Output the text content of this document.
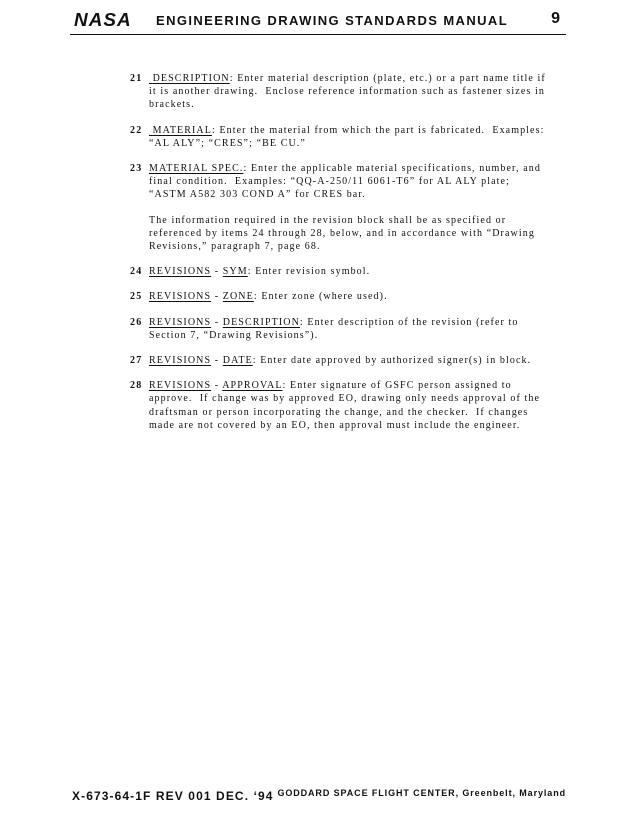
NASA ENGINEERING DRAWING STANDARDS MANUAL	9
21 DESCRIPTION: Enter material description (plate, etc.) or a part name title if
it is another drawing.  Enclose reference information such as fastener sizes in
brackets.
22 MATERIAL: Enter the material from which the part is fabricated.  Examples:
“AL ALY”; “CRES”; “BE CU.”
23 MATERIAL SPEC.: Enter the applicable material specifications, number, and
final condition.  Examples: “QQ-A-250/11 6061-T6” for AL ALY plate;
“ASTM A582 303 COND A” for CRES bar.
The information required in the revision block shall be as specified or
referenced by items 24 through 28, below, and in accordance with “Drawing
Revisions,” paragraph 7, page 68.
24 REVISIONS - SYM: Enter revision symbol.
25 REVISIONS - ZONE: Enter zone (where used).
26 REVISIONS - DESCRIPTION: Enter description of the revision (refer to
Section 7, “Drawing Revisions”).
27 REVISIONS - DATE: Enter date approved by authorized signer(s) in block.
28 REVISIONS - APPROVAL: Enter signature of GSFC person assigned to
approve.  If change was by approved EO, drawing only needs approval of the
draftsman or person incorporating the change, and the checker.  If changes
made are not covered by an EO, then approval must include the engineer.
X-673-64-1F REV 001 DEC. ‘94 GODDARD SPACE FLIGHT CENTER, Greenbelt, Maryland
